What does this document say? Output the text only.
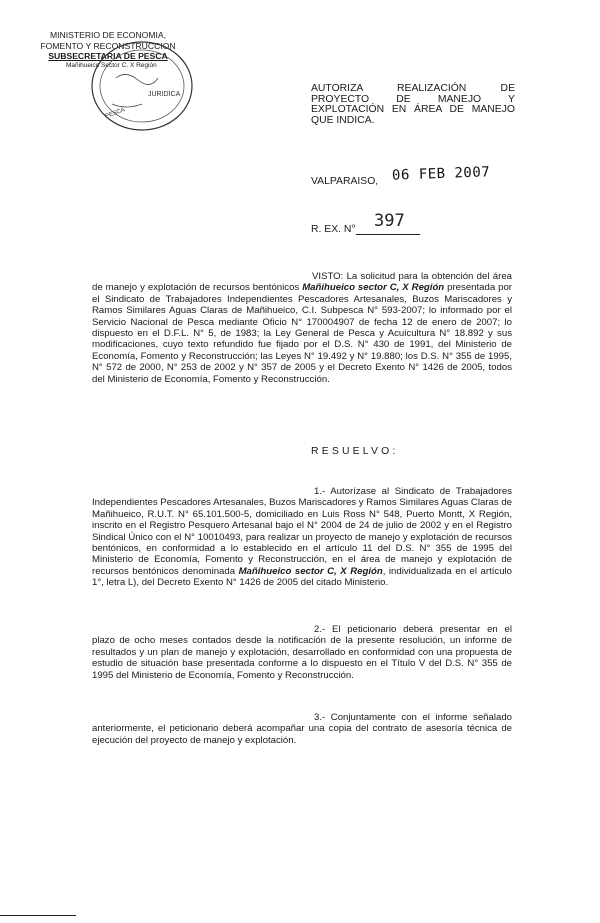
MINISTERIO DE ECONOMIA,
FOMENTO Y RECONSTRUCCION
SUBSECRETARIA DE PESCA
Mañihueico Sector C. X Región
JURIDICA
PESCA
AUTORIZA REALIZACIÓN DE
PROYECTO DE MANEJO Y
EXPLOTACIÓN EN ÁREA DE MANEJO
QUE INDICA.
VALPARAISO, 06 FEB 2007
R. EX. N° 397
VISTO: La solicitud para la obtención del área de manejo y explotación de recursos bentónicos Mañihueico sector C, X Región presentada por el Sindicato de Trabajadores Independientes Pescadores Artesanales, Buzos Mariscadores y Ramos Similares Aguas Claras de Mañihueico, C.I. Subpesca N° 593-2007; lo informado por el Servicio Nacional de Pesca mediante Oficio N° 170004907 de fecha 12 de enero de 2007; lo dispuesto en el D.F.L. N° 5, de 1983; la Ley General de Pesca y Acuicultura N° 18.892 y sus modificaciones, cuyo texto refundido fue fijado por el D.S. N° 430 de 1991, del Ministerio de Economía, Fomento y Reconstrucción; las Leyes N° 19.492 y N° 19.880; los D.S. N° 355 de 1995, N° 572 de 2000, N° 253 de 2002 y N° 357 de 2005 y el Decreto Exento N° 1426 de 2005, todos del Ministerio de Economía, Fomento y Reconstrucción.
RESUELVO:
1.- Autorízase al Sindicato de Trabajadores Independientes Pescadores Artesanales, Buzos Mariscadores y Ramos Similares Aguas Claras de Mañihueico, R.U.T. N° 65.101.500-5, domiciliado en Luis Ross N° 548, Puerto Montt, X Región, inscrito en el Registro Pesquero Artesanal bajo el N° 2004 de 24 de julio de 2002 y en el Registro Sindical Único con el N° 10010493, para realizar un proyecto de manejo y explotación de recursos bentónicos, en conformidad a lo establecido en el artículo 11 del D.S. N° 355 de 1995 del Ministerio de Economía, Fomento y Reconstrucción, en el área de manejo y explotación de recursos bentónicos denominada Mañihueico sector C, X Región, individualizada en el artículo 1°, letra L), del Decreto Exento N° 1426 de 2005 del citado Ministerio.
2.- El peticionario deberá presentar en el plazo de ocho meses contados desde la notificación de la presente resolución, un informe de resultados y un plan de manejo y explotación, desarrollado en conformidad con una propuesta de estudio de situación base presentada conforme a lo dispuesto en el Título V del D.S. N° 355 de 1995 del Ministerio de Economía, Fomento y Reconstrucción.
3.- Conjuntamente con el informe señalado anteriormente, el peticionario deberá acompañar una copia del contrato de asesoría técnica de ejecución del proyecto de manejo y explotación.
